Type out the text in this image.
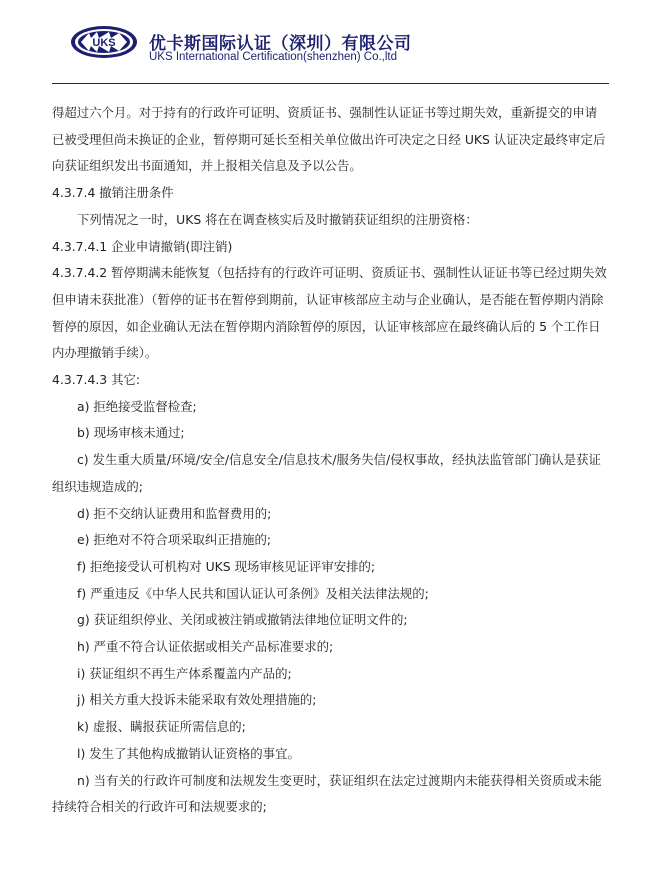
UKS 优卡斯国际认证（深圳）有限公司
UKS International Certification(shenzhen) Co.,ltd

得超过六个月。对于持有的行政许可证明、资质证书、强制性认证证书等过期失效，重新提交的申请已被受理但尚未换证的企业，暂停期可延长至相关单位做出许可决定之日经 UKS 认证决定最终审定后向获证组织发出书面通知，并上报相关信息及予以公告。

4.3.7.4 撤销注册条件

下列情况之一时，UKS 将在在调查核实后及时撤销获证组织的注册资格：

4.3.7.4.1 企业申请撤销(即注销)

4.3.7.4.2 暂停期满未能恢复（包括持有的行政许可证明、资质证书、强制性认证证书等已经过期失效但申请未获批准）（暂停的证书在暂停到期前，认证审核部应主动与企业确认，是否能在暂停期内消除暂停的原因，如企业确认无法在暂停期内消除暂停的原因，认证审核部应在最终确认后的 5 个工作日内办理撤销手续）。

4.3.7.4.3 其它:

a) 拒绝接受监督检查;

b) 现场审核未通过;

c) 发生重大质量/环境/安全/信息安全/信息技术/服务失信/侵权事故，经执法监管部门确认是获证组织违规造成的;

d) 拒不交纳认证费用和监督费用的;

e) 拒绝对不符合项采取纠正措施的;

f) 拒绝接受认可机构对 UKS 现场审核见证评审安排的;

f) 严重违反《中华人民共和国认证认可条例》及相关法律法规的;

g) 获证组织停业、关闭或被注销或撤销法律地位证明文件的;

h) 严重不符合认证依据或相关产品标准要求的;

i) 获证组织不再生产体系覆盖内产品的;

j) 相关方重大投诉未能采取有效处理措施的;

k) 虚报、瞒报获证所需信息的;

l) 发生了其他构成撤销认证资格的事宜。

n) 当有关的行政许可制度和法规发生变更时，获证组织在法定过渡期内未能获得相关资质或未能持续符合相关的行政许可和法规要求的;
